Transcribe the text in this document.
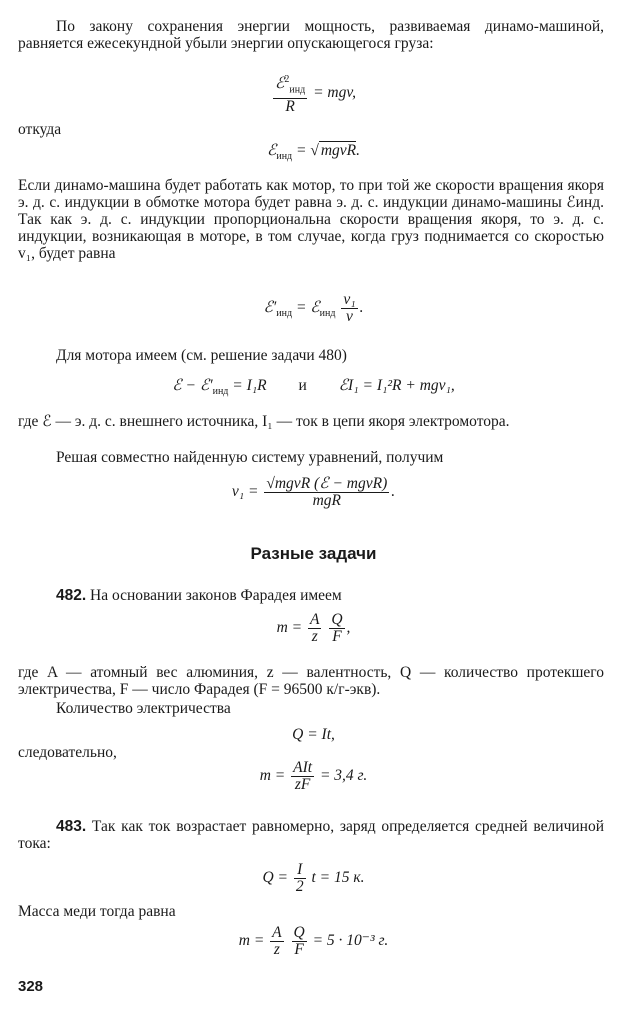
По закону сохранения энергии мощность, развиваемая динамо-машиной, равняется ежесекундной убыли энергии опускающегося груза:

$\frac{ℰ^2_{инд}}{R}$ = mgv,

откуда

ℰ$_{инд}$ = √ mgvR.

Если динамо-машина будет работать как мотор, то при той же скорости вращения якоря э. д. с. индукции в обмотке мотора будет равна э. д. с. индукции динамо-машины ℰинд. Так как э. д. с. индукции пропорциональна скорости вращения якоря, то э. д. с. индукции, возникающая в моторе, в том случае, когда груз поднимается со скоростью v₁, будет равна

$ℰ'_{инд}$ = ℰ$_{инд}$ $\frac{\text{v₁}}{v}$ .

Для мотора имеем (см. решение задачи 480)

ℰ − $ℰ'_{инд} = I_1R$ и ℰI₁ = I₁²R + mgv₁,

где ℰ — э. д. с. внешнего источника, I₁ — ток в цепи якоря электромотора.

Решая совместно найденную систему уравнений, получим

$v_1 = \frac{\text{√mgvR (ℰ − mgvR)}}{\text{mgR}}$ .
Разные задачи

482. На основании законов Фарадея имеем

$m = \frac{A}{z}$
$\frac{Q}{F}$ ,

где A — атомный вес алюминия, z — валентность, Q — количество протекшего электричества, F — число Фарадея (F = 96500 к/г-экв).

Количество электричества

Q = It,

следовательно,

$m = \frac{\text{AIt}}{zF} = 3,4$ г.

483. Так как ток возрастает равномерно, заряд определяется средней величиной тока:

$Q = \frac{I}{2}$ t = 15 к.

Масса меди тогда равна

$m = \frac{A}{z}$
$\frac{Q}{F} = 5 \cdot 10^{-3}$ г.
328
